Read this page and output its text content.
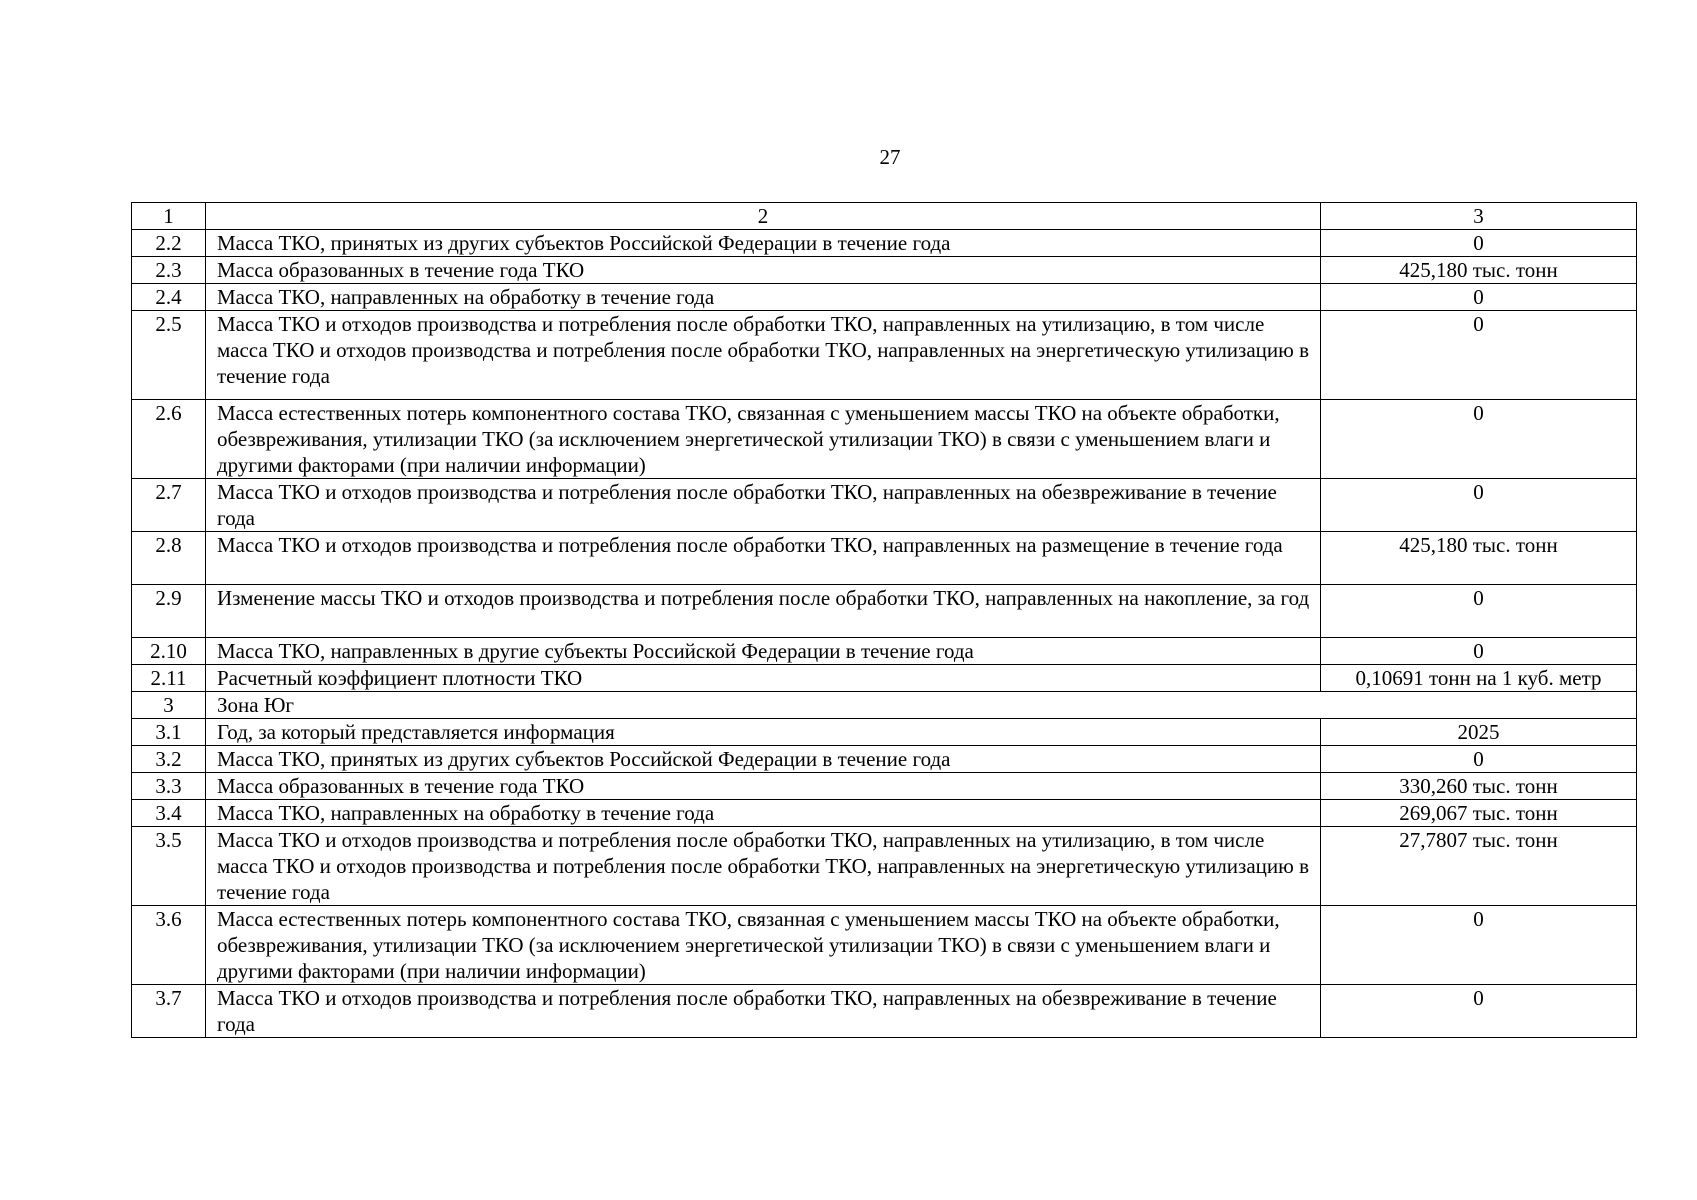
27
1	2	3
2.2	Масса ТКО, принятых из других субъектов Российской Федерации в течение года	0
2.3	Масса образованных в течение года ТКО	425,180 тыс. тонн
2.4	Масса ТКО, направленных на обработку в течение года	0
2.5	Масса ТКО и отходов производства и потребления после обработки ТКО, направленных на утилизацию, в том числе масса ТКО и отходов производства и потребления после обработки ТКО, направленных на энергетическую утилизацию в течение года	0
2.6	Масса естественных потерь компонентного состава ТКО, связанная с уменьшением массы ТКО на объекте обработки, обезвреживания, утилизации ТКО (за исключением энергетической утилизации ТКО) в связи с уменьшением влаги и другими факторами (при наличии информации)	0
2.7	Масса ТКО и отходов производства и потребления после обработки ТКО, направленных на обезвреживание в течение года	0
2.8	Масса ТКО и отходов производства и потребления после обработки ТКО, направленных на размещение в течение года	425,180 тыс. тонн
2.9	Изменение массы ТКО и отходов производства и потребления после обработки ТКО, направленных на накопление, за год	0
2.10	Масса ТКО, направленных в другие субъекты Российской Федерации в течение года	0
2.11	Расчетный коэффициент плотности ТКО	0,10691 тонн на 1 куб. метр
3	Зона Юг	
3.1	Год, за который представляется информация	2025
3.2	Масса ТКО, принятых из других субъектов Российской Федерации в течение года	0
3.3	Масса образованных в течение года ТКО	330,260 тыс. тонн
3.4	Масса ТКО, направленных на обработку в течение года	269,067 тыс. тонн
3.5	Масса ТКО и отходов производства и потребления после обработки ТКО, направленных на утилизацию, в том числе масса ТКО и отходов производства и потребления после обработки ТКО, направленных на энергетическую утилизацию в течение года	27,7807 тыс. тонн
3.6	Масса естественных потерь компонентного состава ТКО, связанная с уменьшением массы ТКО на объекте обработки, обезвреживания, утилизации ТКО (за исключением энергетической утилизации ТКО) в связи с уменьшением влаги и другими факторами (при наличии информации)	0
3.7	Масса ТКО и отходов производства и потребления после обработки ТКО, направленных на обезвреживание в течение года	0
